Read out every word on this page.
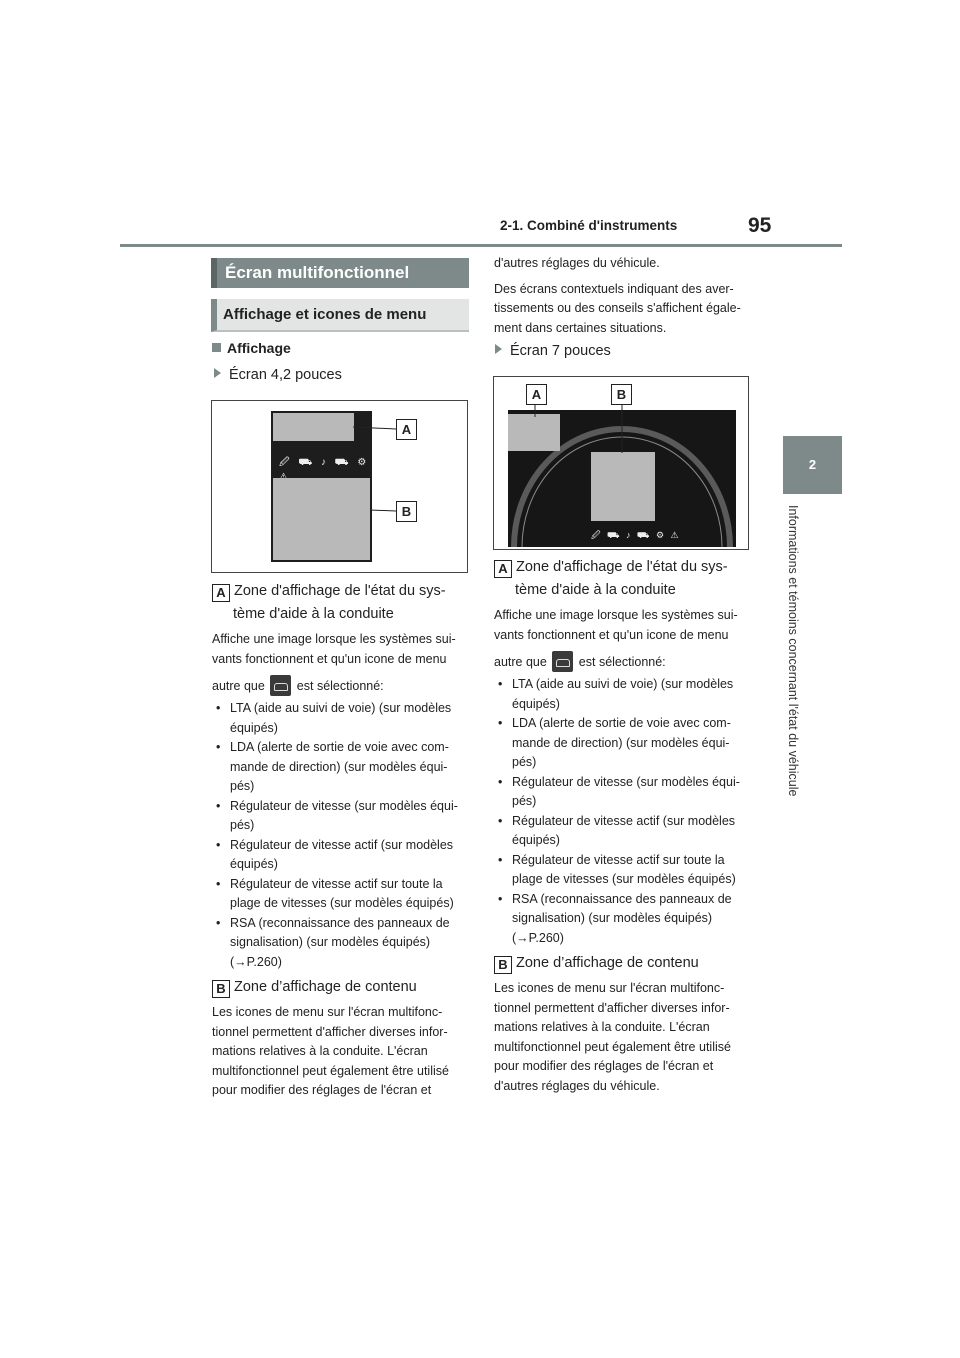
2-1. Combiné d'instruments	95
2
Informations et témoins concernant l'état du véhicule
Écran multifonctionnel
Affichage et icones de menu
Affichage
Écran 4,2 pouces
🖉 ⛟ ♪ ⛟ ⚙
A
B
A Zone d'affichage de l'état du sys-
tème d'aide à la conduite
Affiche une image lorsque les systèmes sui-
vants fonctionnent et qu'un icone de menu
autre que	est sélectionné:
• LTA (aide au suivi de voie) (sur modèles
équipés)
• LDA (alerte de sortie de voie avec com-
mande de direction) (sur modèles équi-
pés)
• Régulateur de vitesse (sur modèles équi-
pés)
• Régulateur de vitesse actif (sur modèles
équipés)
• Régulateur de vitesse actif sur toute la
plage de vitesses (sur modèles équipés)
• RSA (reconnaissance des panneaux de
signalisation) (sur modèles équipés)
(→P.260)
B Zone d’affichage de contenu
Les icones de menu sur l'écran multifonc-
tionnel permettent d'afficher diverses infor-
mations relatives à la conduite. L'écran
multifonctionnel peut également être utilisé
pour modifier des réglages de l'écran et
d'autres réglages du véhicule.
Des écrans contextuels indiquant des aver-
tissements ou des conseils s'affichent égale-
ment dans certaines situations.
Écran 7 pouces
🖉 ⛟ ♪ ⛟ ⚙ ⚠
A	B
A Zone d'affichage de l'état du sys-
tème d'aide à la conduite
Affiche une image lorsque les systèmes sui-
vants fonctionnent et qu'un icone de menu
autre que	est sélectionné:
• LTA (aide au suivi de voie) (sur modèles
équipés)
• LDA (alerte de sortie de voie avec com-
mande de direction) (sur modèles équi-
pés)
• Régulateur de vitesse (sur modèles équi-
pés)
• Régulateur de vitesse actif (sur modèles
équipés)
• Régulateur de vitesse actif sur toute la
plage de vitesses (sur modèles équipés)
• RSA (reconnaissance des panneaux de
signalisation) (sur modèles équipés)
(→P.260)
B Zone d’affichage de contenu
Les icones de menu sur l'écran multifonc-
tionnel permettent d'afficher diverses infor-
mations relatives à la conduite. L'écran
multifonctionnel peut également être utilisé
pour modifier des réglages de l'écran et
d'autres réglages du véhicule.
